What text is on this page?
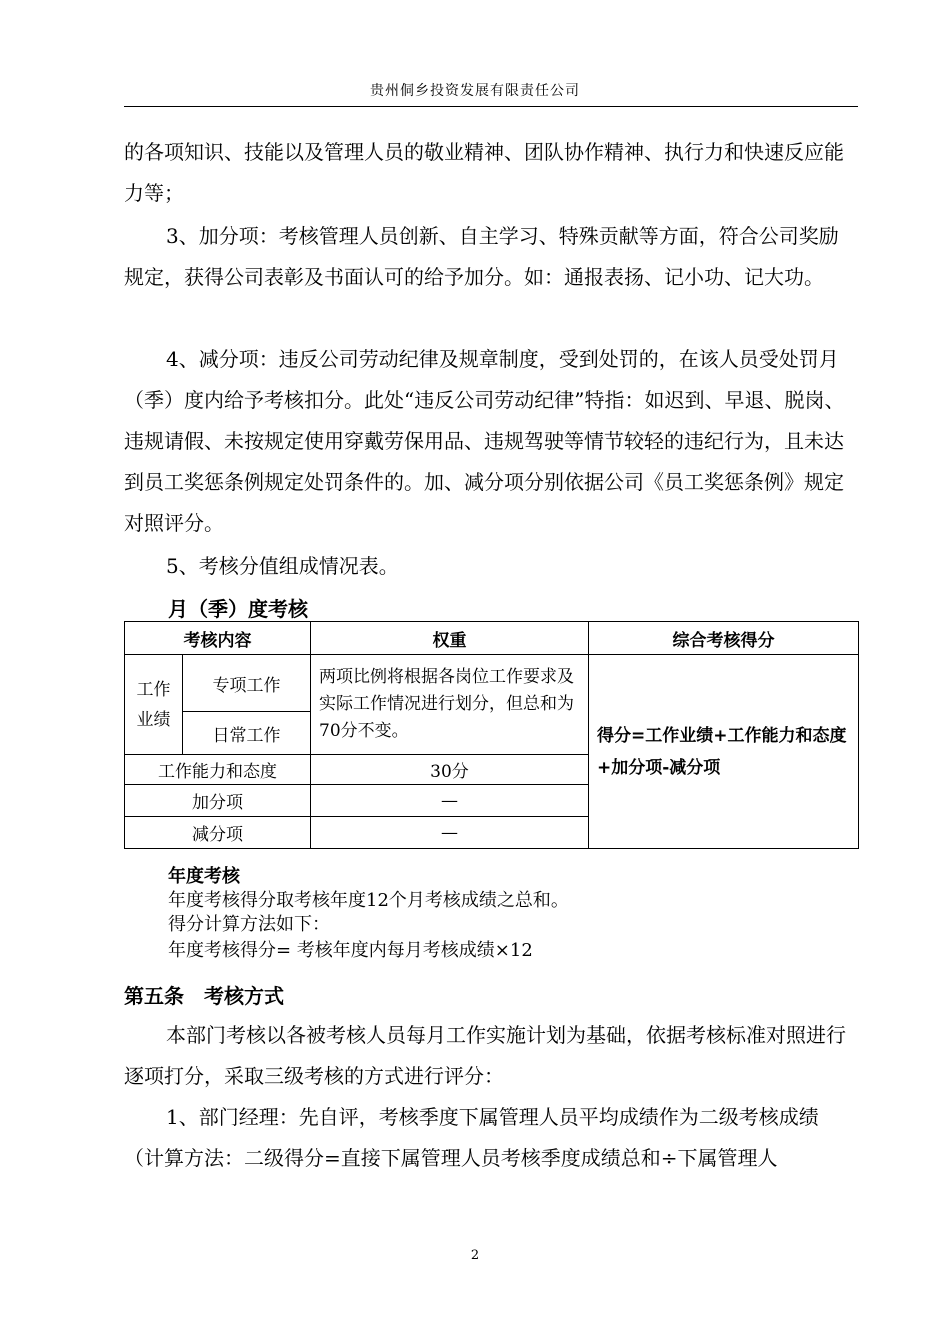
贵州侗乡投资发展有限责任公司

的各项知识、技能以及管理人员的敬业精神、团队协作精神、执行力和快速反应能力等；

3、加分项：考核管理人员创新、自主学习、特殊贡献等方面，符合公司奖励规定，获得公司表彰及书面认可的给予加分。如：通报表扬、记小功、记大功。

4、减分项：违反公司劳动纪律及规章制度，受到处罚的，在该人员受处罚月（季）度内给予考核扣分。此处“违反公司劳动纪律”特指：如迟到、早退、脱岗、违规请假、未按规定使用穿戴劳保用品、违规驾驶等情节较轻的违纪行为，且未达到员工奖惩条例规定处罚条件的。加、减分项分别依据公司《员工奖惩条例》规定对照评分。

5、考核分值组成情况表。

月（季）度考核
考核内容		权重	综合考核得分
工作业绩	专项工作	两项比例将根据各岗位工作要求及实际工作情况进行划分，但总和为70分不变。	得分=工作业绩+工作能力和态度+加分项-减分项
	日常工作		
工作能力和态度		30分	
加分项		—	
减分项		—	
年度考核
年度考核得分取考核年度12个月考核成绩之总和。
得分计算方法如下：
年度考核得分= 考核年度内每月考核成绩×12
第五条　考核方式

本部门考核以各被考核人员每月工作实施计划为基础，依据考核标准对照进行逐项打分，采取三级考核的方式进行评分：

1、部门经理：先自评，考核季度下属管理人员平均成绩作为二级考核成绩（计算方法：二级得分=直接下属管理人员考核季度成绩总和÷下属管理人

2
